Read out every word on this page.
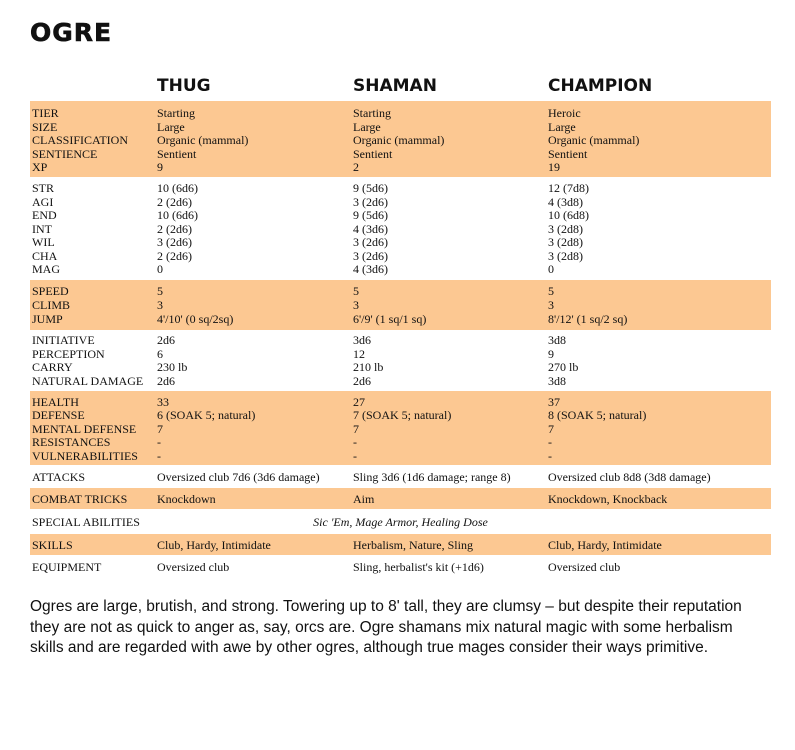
OGRE
THUG	SHAMAN	CHAMPION
TIER	Starting	Starting	Heroic
SIZE	Large	Large	Large
CLASSIFICATION Organic (mammal)	Organic (mammal)	Organic (mammal)
SENTIENCE	Sentient	Sentient	Sentient
XP	9	2	19
STR	10 (6d6)	9 (5d6)	12 (7d8)
AGI	2 (2d6)	3 (2d6)	4 (3d8)
END	10 (6d6)	9 (5d6)	10 (6d8)
INT	2 (2d6)	4 (3d6)	3 (2d8)
WIL	3 (2d6)	3 (2d6)	3 (2d8)
CHA	2 (2d6)	3 (2d6)	3 (2d8)
MAG	0	4 (3d6)	0
SPEED	5	5	5
CLIMB	3	3	3
JUMP	4'/10' (0 sq/2sq)	6'/9' (1 sq/1 sq)	8'/12' (1 sq/2 sq)
INITIATIVE	2d6	3d6	3d8
PERCEPTION	6	12	9
CARRY	230 lb	210 lb	270 lb
NATURAL DAMAGE 2d6	2d6	3d8
HEALTH	33	27	37
DEFENSE	6 (SOAK 5; natural)	7 (SOAK 5; natural)	8 (SOAK 5; natural)
MENTAL DEFENSE 7	7	7
RESISTANCES	-	-	-
VULNERABILITIES -	-	-
ATTACKS	Oversized club 7d6 (3d6 damage)	Sling 3d6 (1d6 damage; range 8)	Oversized club 8d8 (3d8 damage)
COMBAT TRICKS Knockdown	Aim	Knockdown, Knockback
SPECIAL ABILITIES	Sic 'Em, Mage Armor, Healing Dose
SKILLS	Club, Hardy, Intimidate	Herbalism, Nature, Sling	Club, Hardy, Intimidate
EQUIPMENT	Oversized club	Sling, herbalist's kit (+1d6)	Oversized club

Ogres are large, brutish, and strong. Towering up to 8' tall, they are clumsy – but despite their reputation they are not as quick to anger as, say, orcs are. Ogre shamans mix natural magic with some herbalism skills and are regarded with awe by other ogres, although true mages consider their ways primitive.
